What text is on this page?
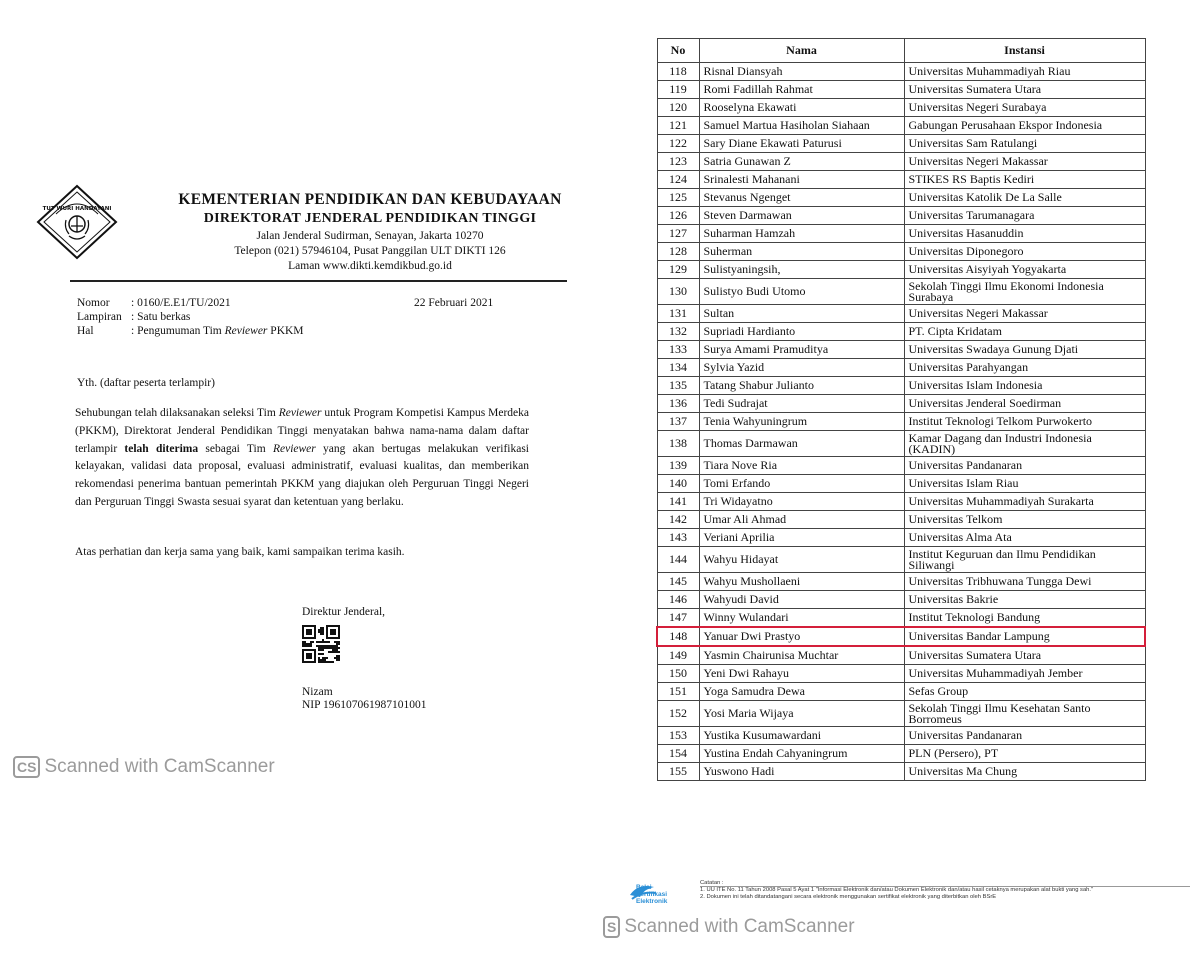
TUT WURI HANDAYANI
KEMENTERIAN PENDIDIKAN DAN KEBUDAYAAN
DIREKTORAT JENDERAL PENDIDIKAN TINGGI
Jalan Jenderal Sudirman, Senayan, Jakarta 10270
Telepon (021) 57946104, Pusat Panggilan ULT DIKTI 126
Laman www.dikti.kemdikbud.go.id
Nomor : 0160/E.E1/TU/2021
Lampiran : Satu berkas
Hal	: Pengumuman Tim Reviewer PKKM
22 Februari 2021
Yth. (daftar peserta terlampir)
Sehubungan telah dilaksanakan seleksi Tim Reviewer untuk Program Kompetisi Kampus Merdeka (PKKM), Direktorat Jenderal Pendidikan Tinggi menyatakan bahwa nama-nama dalam daftar terlampir telah diterima sebagai Tim Reviewer yang akan bertugas melakukan verifikasi kelayakan, validasi data proposal, evaluasi administratif, evaluasi kualitas, dan memberikan rekomendasi penerima bantuan pemerintah PKKM yang diajukan oleh Perguruan Tinggi Negeri dan Perguruan Tinggi Swasta sesuai syarat dan ketentuan yang berlaku.
Atas perhatian dan kerja sama yang baik, kami sampaikan terima kasih.
Direktur Jenderal,
Nizam
NIP 196107061987101001
CS Scanned with CamScanner
No	Nama	Instansi
118	Risnal Diansyah	Universitas Muhammadiyah Riau
119	Romi Fadillah Rahmat	Universitas Sumatera Utara
120	Rooselyna Ekawati	Universitas Negeri Surabaya
121	Samuel Martua Hasiholan Siahaan	Gabungan Perusahaan Ekspor Indonesia
122	Sary Diane Ekawati Paturusi	Universitas Sam Ratulangi
123	Satria Gunawan Z	Universitas Negeri Makassar
124	Srinalesti Mahanani	STIKES RS Baptis Kediri
125	Stevanus Ngenget	Universitas Katolik De La Salle
126	Steven Darmawan	Universitas Tarumanagara
127	Suharman Hamzah	Universitas Hasanuddin
128	Suherman	Universitas Diponegoro
129	Sulistyaningsih,	Universitas Aisyiyah Yogyakarta
130	Sulistyo Budi Utomo	Sekolah Tinggi Ilmu Ekonomi Indonesia Surabaya
131	Sultan	Universitas Negeri Makassar
132	Supriadi Hardianto	PT. Cipta Kridatam
133	Surya Amami Pramuditya	Universitas Swadaya Gunung Djati
134	Sylvia Yazid	Universitas Parahyangan
135	Tatang Shabur Julianto	Universitas Islam Indonesia
136	Tedi Sudrajat	Universitas Jenderal Soedirman
137	Tenia Wahyuningrum	Institut Teknologi Telkom Purwokerto
138	Thomas Darmawan	Kamar Dagang dan Industri Indonesia (KADIN)
139	Tiara Nove Ria	Universitas Pandanaran
140	Tomi Erfando	Universitas Islam Riau
141	Tri Widayatno	Universitas Muhammadiyah Surakarta
142	Umar Ali Ahmad	Universitas Telkom
143	Veriani Aprilia	Universitas Alma Ata
144	Wahyu Hidayat	Institut Keguruan dan Ilmu Pendidikan Siliwangi
145	Wahyu Mushollaeni	Universitas Tribhuwana Tungga Dewi
146	Wahyudi David	Universitas Bakrie
147	Winny Wulandari	Institut Teknologi Bandung
148	Yanuar Dwi Prastyo	Universitas Bandar Lampung
149	Yasmin Chairunisa Muchtar	Universitas Sumatera Utara
150	Yeni Dwi Rahayu	Universitas Muhammadiyah Jember
151	Yoga Samudra Dewa	Sefas Group
152	Yosi Maria Wijaya	Sekolah Tinggi Ilmu Kesehatan Santo Borromeus
153	Yustika Kusumawardani	Universitas Pandanaran
154	Yustina Endah Cahyaningrum	PLN (Persero), PT
155	Yuswono Hadi	Universitas Ma Chung
Balai Sertifikasi Elektronik
Catatan :
1. UU ITE No. 11 Tahun 2008 Pasal 5 Ayat 1 "Informasi Elektronik dan/atau Dokumen Elektronik dan/atau hasil cetaknya merupakan alat bukti yang sah."
2. Dokumen ini telah ditandatangani secara elektronik menggunakan sertifikat elektronik yang diterbitkan oleh BSrE
S Scanned with CamScanner
